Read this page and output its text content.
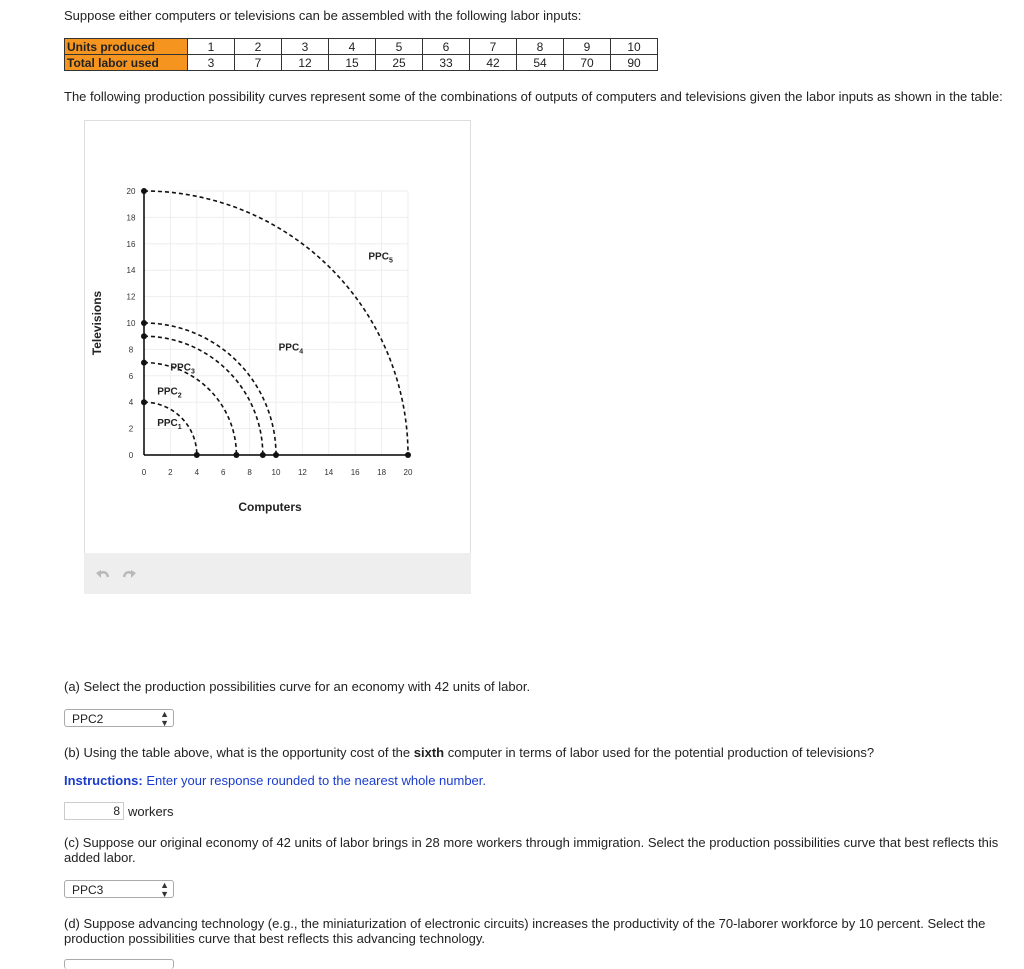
Suppose either computers or televisions can be assembled with the following labor inputs:
Units produced	1	2	3	4	5	6	7	8	9	10
Total labor used	3	7	12	15	25	33	42	54	70	90
The following production possibility curves represent some of the combinations of outputs of computers and televisions given the labor inputs as shown in the table:
0	2	4	6	8 10 12 14 16 18 20
0
2
4
6
8
10
12
14
16
18
20
Computers
Televisions
$PPC_1$
$PPC_2$
$PPC_3$
$PPC_4$
$PPC_5$
(a) Select the production possibilities curve for an economy with 42 units of labor.
PPC2	▲
▼
(b) Using the table above, what is the opportunity cost of the sixth computer in terms of labor used for the potential production of televisions?
Instructions: Enter your response rounded to the nearest whole number.
8 workers
(c) Suppose our original economy of 42 units of labor brings in 28 more workers through immigration. Select the production possibilities curve that best reflects this added labor.
PPC3	▲
▼
(d) Suppose advancing technology (e.g., the miniaturization of electronic circuits) increases the productivity of the 70-laborer workforce by 10 percent. Select the production possibilities curve that best reflects this advancing technology.
